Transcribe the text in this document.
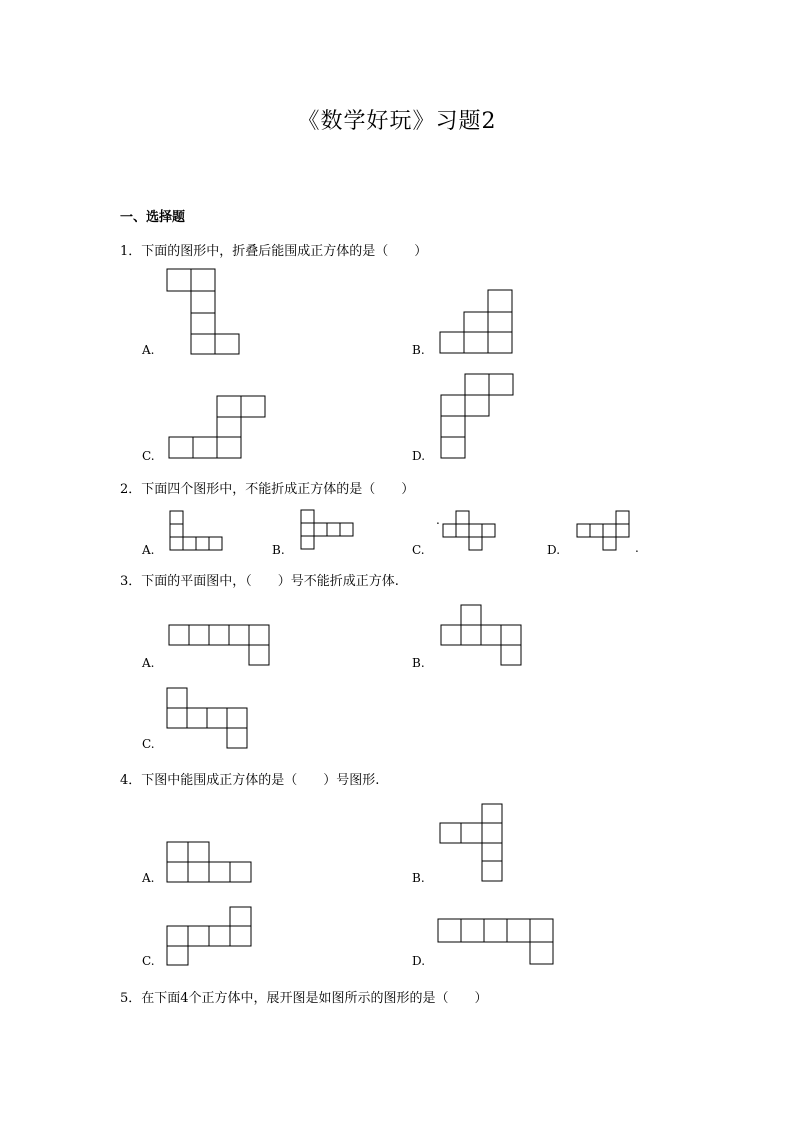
《数学好玩》习题2
一、选择题
1．下面的图形中，折叠后能围成正方体的是（　　）
A.	B.
C.	D.
2．下面四个图形中，不能折成正方体的是（　　）
A.	B.	C.	D.
.
.
3．下面的平面图中，（　　）号不能折成正方体.
A.	B.
C.
4．下图中能围成正方体的是（　　）号图形.
A.	B.
C.	D.
5．在下面4个正方体中，展开图是如图所示的图形的是（　　）
